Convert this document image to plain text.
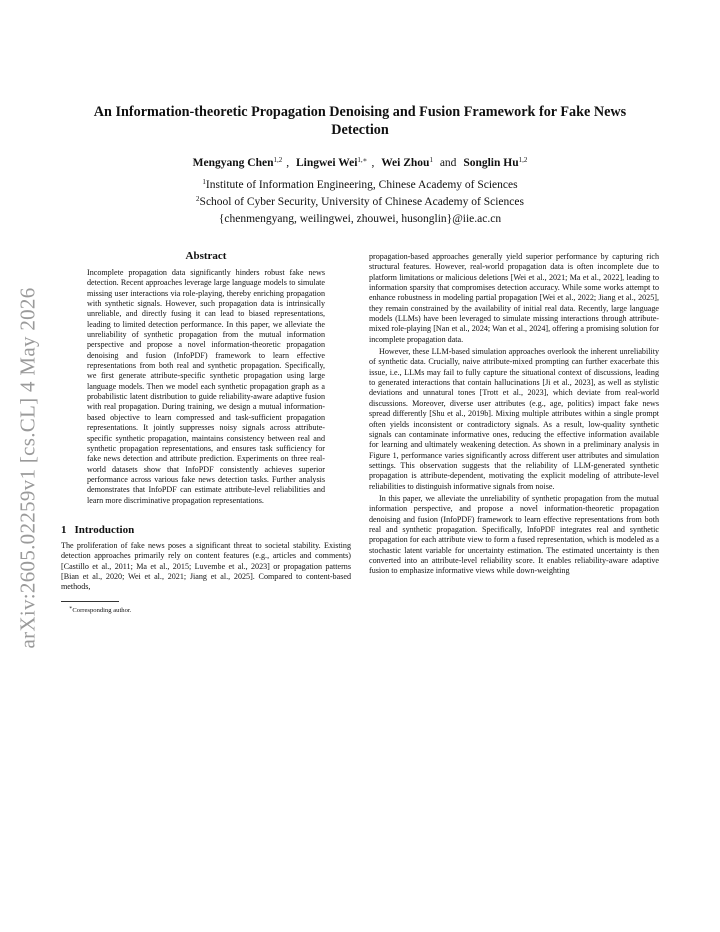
arXiv:2605.02259v1 [cs.CL] 4 May 2026
An Information-theoretic Propagation Denoising and Fusion Framework for Fake News Detection
Mengyang Chen$^{1,2}$ , Lingwei Wei$^{1,∗}$ , Wei Zhou$^1$ and Songlin Hu$^{1,2}$
$^1$Institute of Information Engineering, Chinese Academy of Sciences
$^2$School of Cyber Security, University of Chinese Academy of Sciences
{chenmengyang, weilingwei, zhouwei, husonglin}@iie.ac.cn
Abstract

Incomplete propagation data significantly hinders robust fake news detection. Recent approaches leverage large language models to simulate missing user interactions via role-playing, thereby enriching propagation with synthetic signals. However, such propagation data is intrinsically unreliable, and directly fusing it can lead to biased representations, leading to limited detection performance. In this paper, we alleviate the unreliability of synthetic propagation from the mutual information perspective and propose a novel information-theoretic propagation denoising and fusion (InfoPDF) framework to learn effective representations from both real and synthetic propagation. Specifically, we first generate attribute-specific synthetic propagation using large language models. Then we model each synthetic propagation graph as a probabilistic latent distribution to guide reliability-aware adaptive fusion with real propagation. During training, we design a mutual information-based objective to learn compressed and task-sufficient propagation representations. It jointly suppresses noisy signals across attribute-specific synthetic propagation, maintains consistency between real and synthetic propagation representations, and ensures task sufficiency for fake news detection and attribute prediction. Experiments on three real-world datasets show that InfoPDF consistently achieves superior performance across various fake news detection tasks. Further analysis demonstrates that InfoPDF can estimate attribute-level reliabilities and learn more discriminative propagation representations.

1 Introduction

The proliferation of fake news poses a significant threat to societal stability. Existing detection approaches primarily rely on content features (e.g., articles and comments) [Castillo et al., 2011; Ma et al., 2015; Luvembe et al., 2023] or propagation patterns [Bian et al., 2020; Wei et al., 2021; Jiang et al., 2025]. Compared to content-based methods,

∗Corresponding author.

propagation-based approaches generally yield superior performance by capturing rich structural features. However, real-world propagation data is often incomplete due to platform limitations or malicious deletions [Wei et al., 2021; Ma et al., 2022], leading to information sparsity that compromises detection accuracy. While some works attempt to enhance robustness in modeling partial propagation [Wei et al., 2022; Jiang et al., 2025], they remain constrained by the availability of initial real data. Recently, large language models (LLMs) have been leveraged to simulate missing interactions through attribute-mixed role-playing [Nan et al., 2024; Wan et al., 2024], offering a promising solution for incomplete propagation data.

However, these LLM-based simulation approaches overlook the inherent unreliability of synthetic data. Crucially, naive attribute-mixed prompting can further exacerbate this issue, i.e., LLMs may fail to fully capture the situational context of discussions, leading to generated interactions that contain hallucinations [Ji et al., 2023], as well as stylistic deviations and unnatural tones [Trott et al., 2023], which deviate from real-world discussions. Moreover, diverse user attributes (e.g., age, politics) impact fake news spread differently [Shu et al., 2019b]. Mixing multiple attributes within a single prompt often yields inconsistent or contradictory signals. As a result, low-quality synthetic signals can contaminate informative ones, reducing the effective information available for learning and ultimately weakening detection. As shown in a preliminary analysis in Figure 1, performance varies significantly across different user attributes and simulation settings. This observation suggests that the reliability of LLM-generated synthetic propagation is attribute-dependent, motivating the explicit modeling of attribute-level reliabilities to distinguish informative signals from noise.

In this paper, we alleviate the unreliability of synthetic propagation from the mutual information perspective, and propose a novel information-theoretic propagation denoising and fusion (InfoPDF) framework to learn effective representations from both real and synthetic propagation. Specifically, InfoPDF integrates real and synthetic propagation for each attribute view to form a fused representation, which is modeled as a stochastic latent variable for uncertainty estimation. The estimated uncertainty is then converted into an attribute-level reliability score. It enables reliability-aware adaptive fusion to emphasize informative views while down-weighting
